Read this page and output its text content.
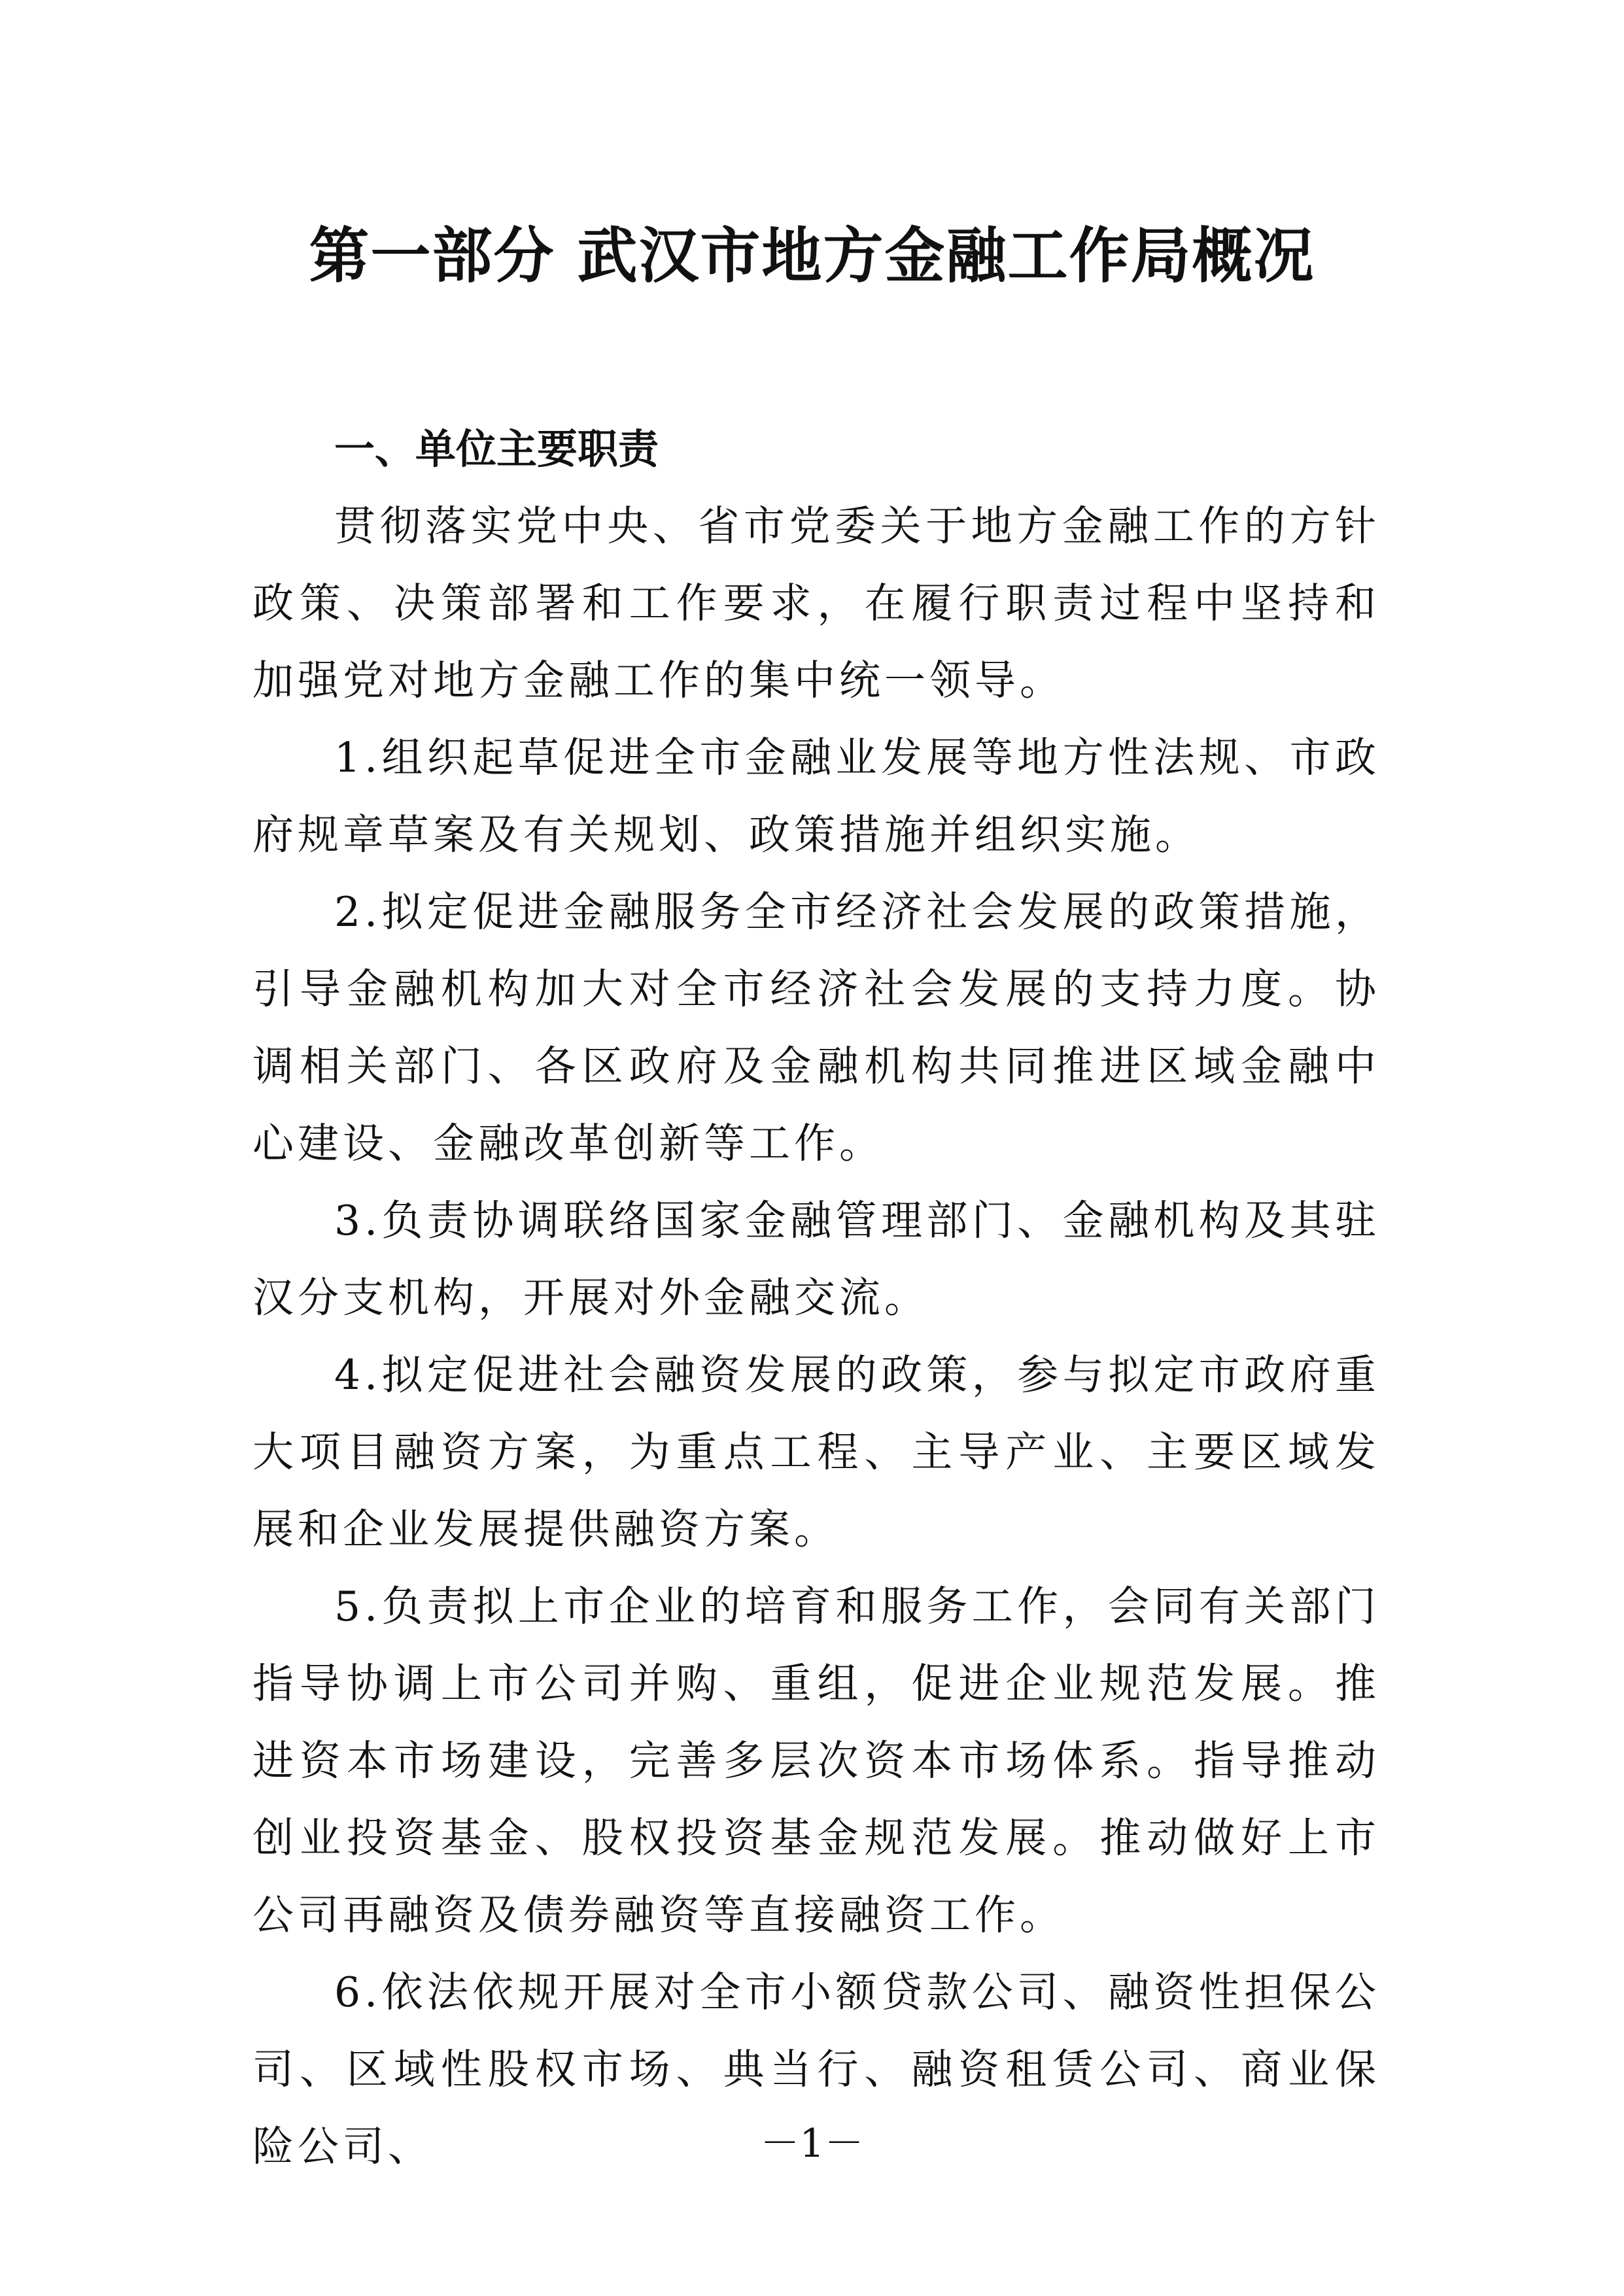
第一部分 武汉市地方金融工作局概况

一、单位主要职责

贯彻落实党中央、省市党委关于地方金融工作的方针政策、决策部署和工作要求，在履行职责过程中坚持和加强党对地方金融工作的集中统一领导。

1.组织起草促进全市金融业发展等地方性法规、市政府规章草案及有关规划、政策措施并组织实施。

2.拟定促进金融服务全市经济社会发展的政策措施，引导金融机构加大对全市经济社会发展的支持力度。协调相关部门、各区政府及金融机构共同推进区域金融中心建设、金融改革创新等工作。

3.负责协调联络国家金融管理部门、金融机构及其驻汉分支机构，开展对外金融交流。

4.拟定促进社会融资发展的政策，参与拟定市政府重大项目融资方案，为重点工程、主导产业、主要区域发展和企业发展提供融资方案。

5.负责拟上市企业的培育和服务工作，会同有关部门指导协调上市公司并购、重组，促进企业规范发展。推进资本市场建设，完善多层次资本市场体系。指导推动创业投资基金、股权投资基金规范发展。推动做好上市公司再融资及债券融资等直接融资工作。

6.依法依规开展对全市小额贷款公司、融资性担保公司、区域性股权市场、典当行、融资租赁公司、商业保险公司、	－1－
